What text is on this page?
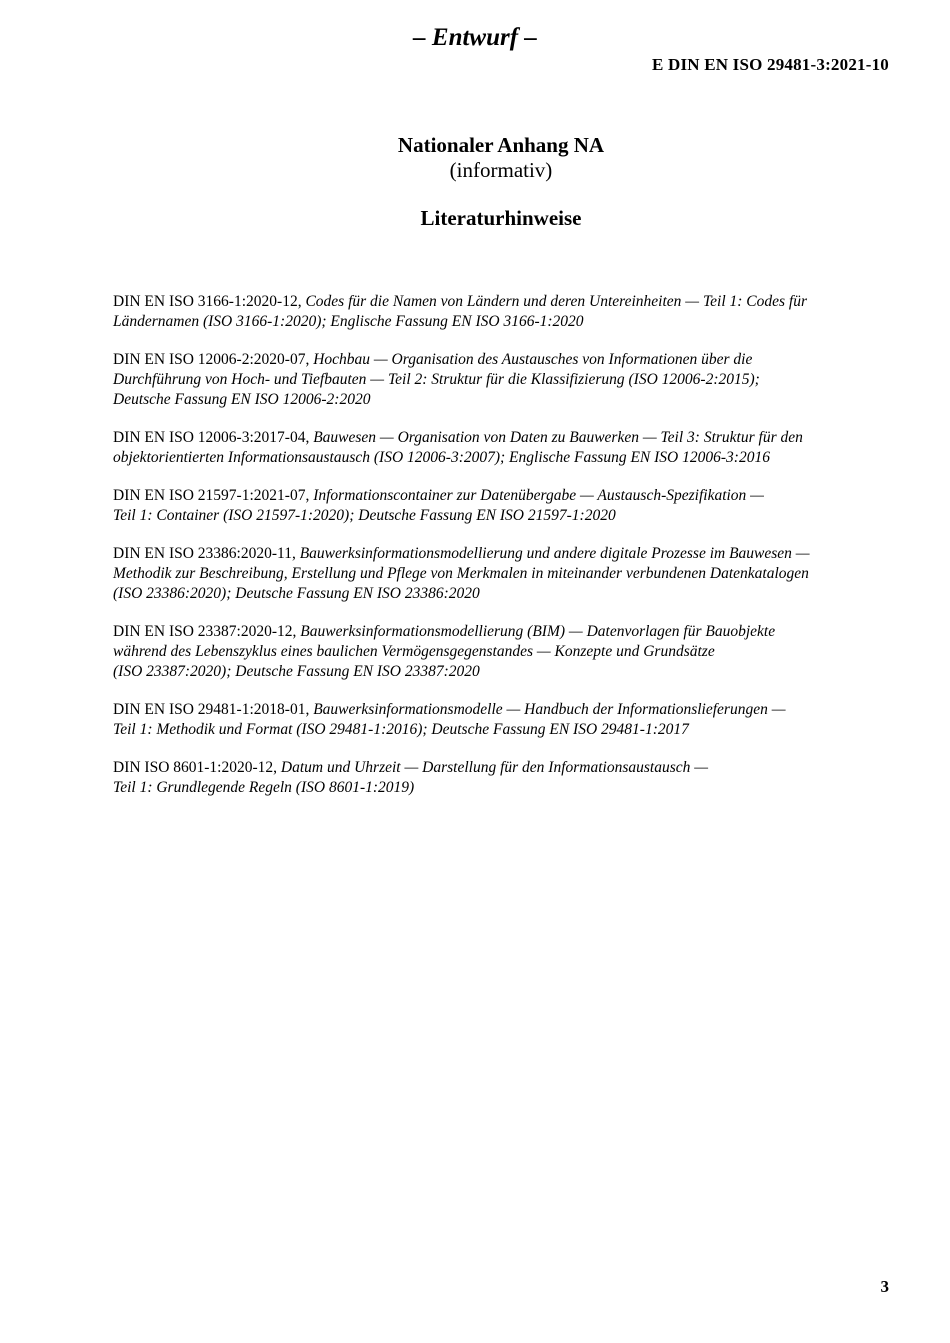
– Entwurf –
E DIN EN ISO 29481-3:2021-10
Nationaler Anhang NA
(informativ)
Literaturhinweise
DIN EN ISO 3166-1:2020-12, Codes für die Namen von Ländern und deren Untereinheiten — Teil 1: Codes für
Ländernamen (ISO 3166-1:2020); Englische Fassung EN ISO 3166-1:2020
DIN EN ISO 12006-2:2020-07, Hochbau — Organisation des Austausches von Informationen über die
Durchführung von Hoch- und Tiefbauten — Teil 2: Struktur für die Klassifizierung (ISO 12006-2:2015);
Deutsche Fassung EN ISO 12006-2:2020
DIN EN ISO 12006-3:2017-04, Bauwesen — Organisation von Daten zu Bauwerken — Teil 3: Struktur für den
objektorientierten Informationsaustausch (ISO 12006-3:2007); Englische Fassung EN ISO 12006-3:2016
DIN EN ISO 21597-1:2021-07, Informationscontainer zur Datenübergabe — Austausch-Spezifikation —
Teil 1: Container (ISO 21597-1:2020); Deutsche Fassung EN ISO 21597-1:2020
DIN EN ISO 23386:2020-11, Bauwerksinformationsmodellierung und andere digitale Prozesse im Bauwesen —
Methodik zur Beschreibung, Erstellung und Pflege von Merkmalen in miteinander verbundenen Datenkatalogen
(ISO 23386:2020); Deutsche Fassung EN ISO 23386:2020
DIN EN ISO 23387:2020-12, Bauwerksinformationsmodellierung (BIM) — Datenvorlagen für Bauobjekte
während des Lebenszyklus eines baulichen Vermögensgegenstandes — Konzepte und Grundsätze
(ISO 23387:2020); Deutsche Fassung EN ISO 23387:2020
DIN EN ISO 29481-1:2018-01, Bauwerksinformationsmodelle — Handbuch der Informationslieferungen —
Teil 1: Methodik und Format (ISO 29481-1:2016); Deutsche Fassung EN ISO 29481-1:2017
DIN ISO 8601-1:2020-12, Datum und Uhrzeit — Darstellung für den Informationsaustausch —
Teil 1: Grundlegende Regeln (ISO 8601-1:2019)
3
